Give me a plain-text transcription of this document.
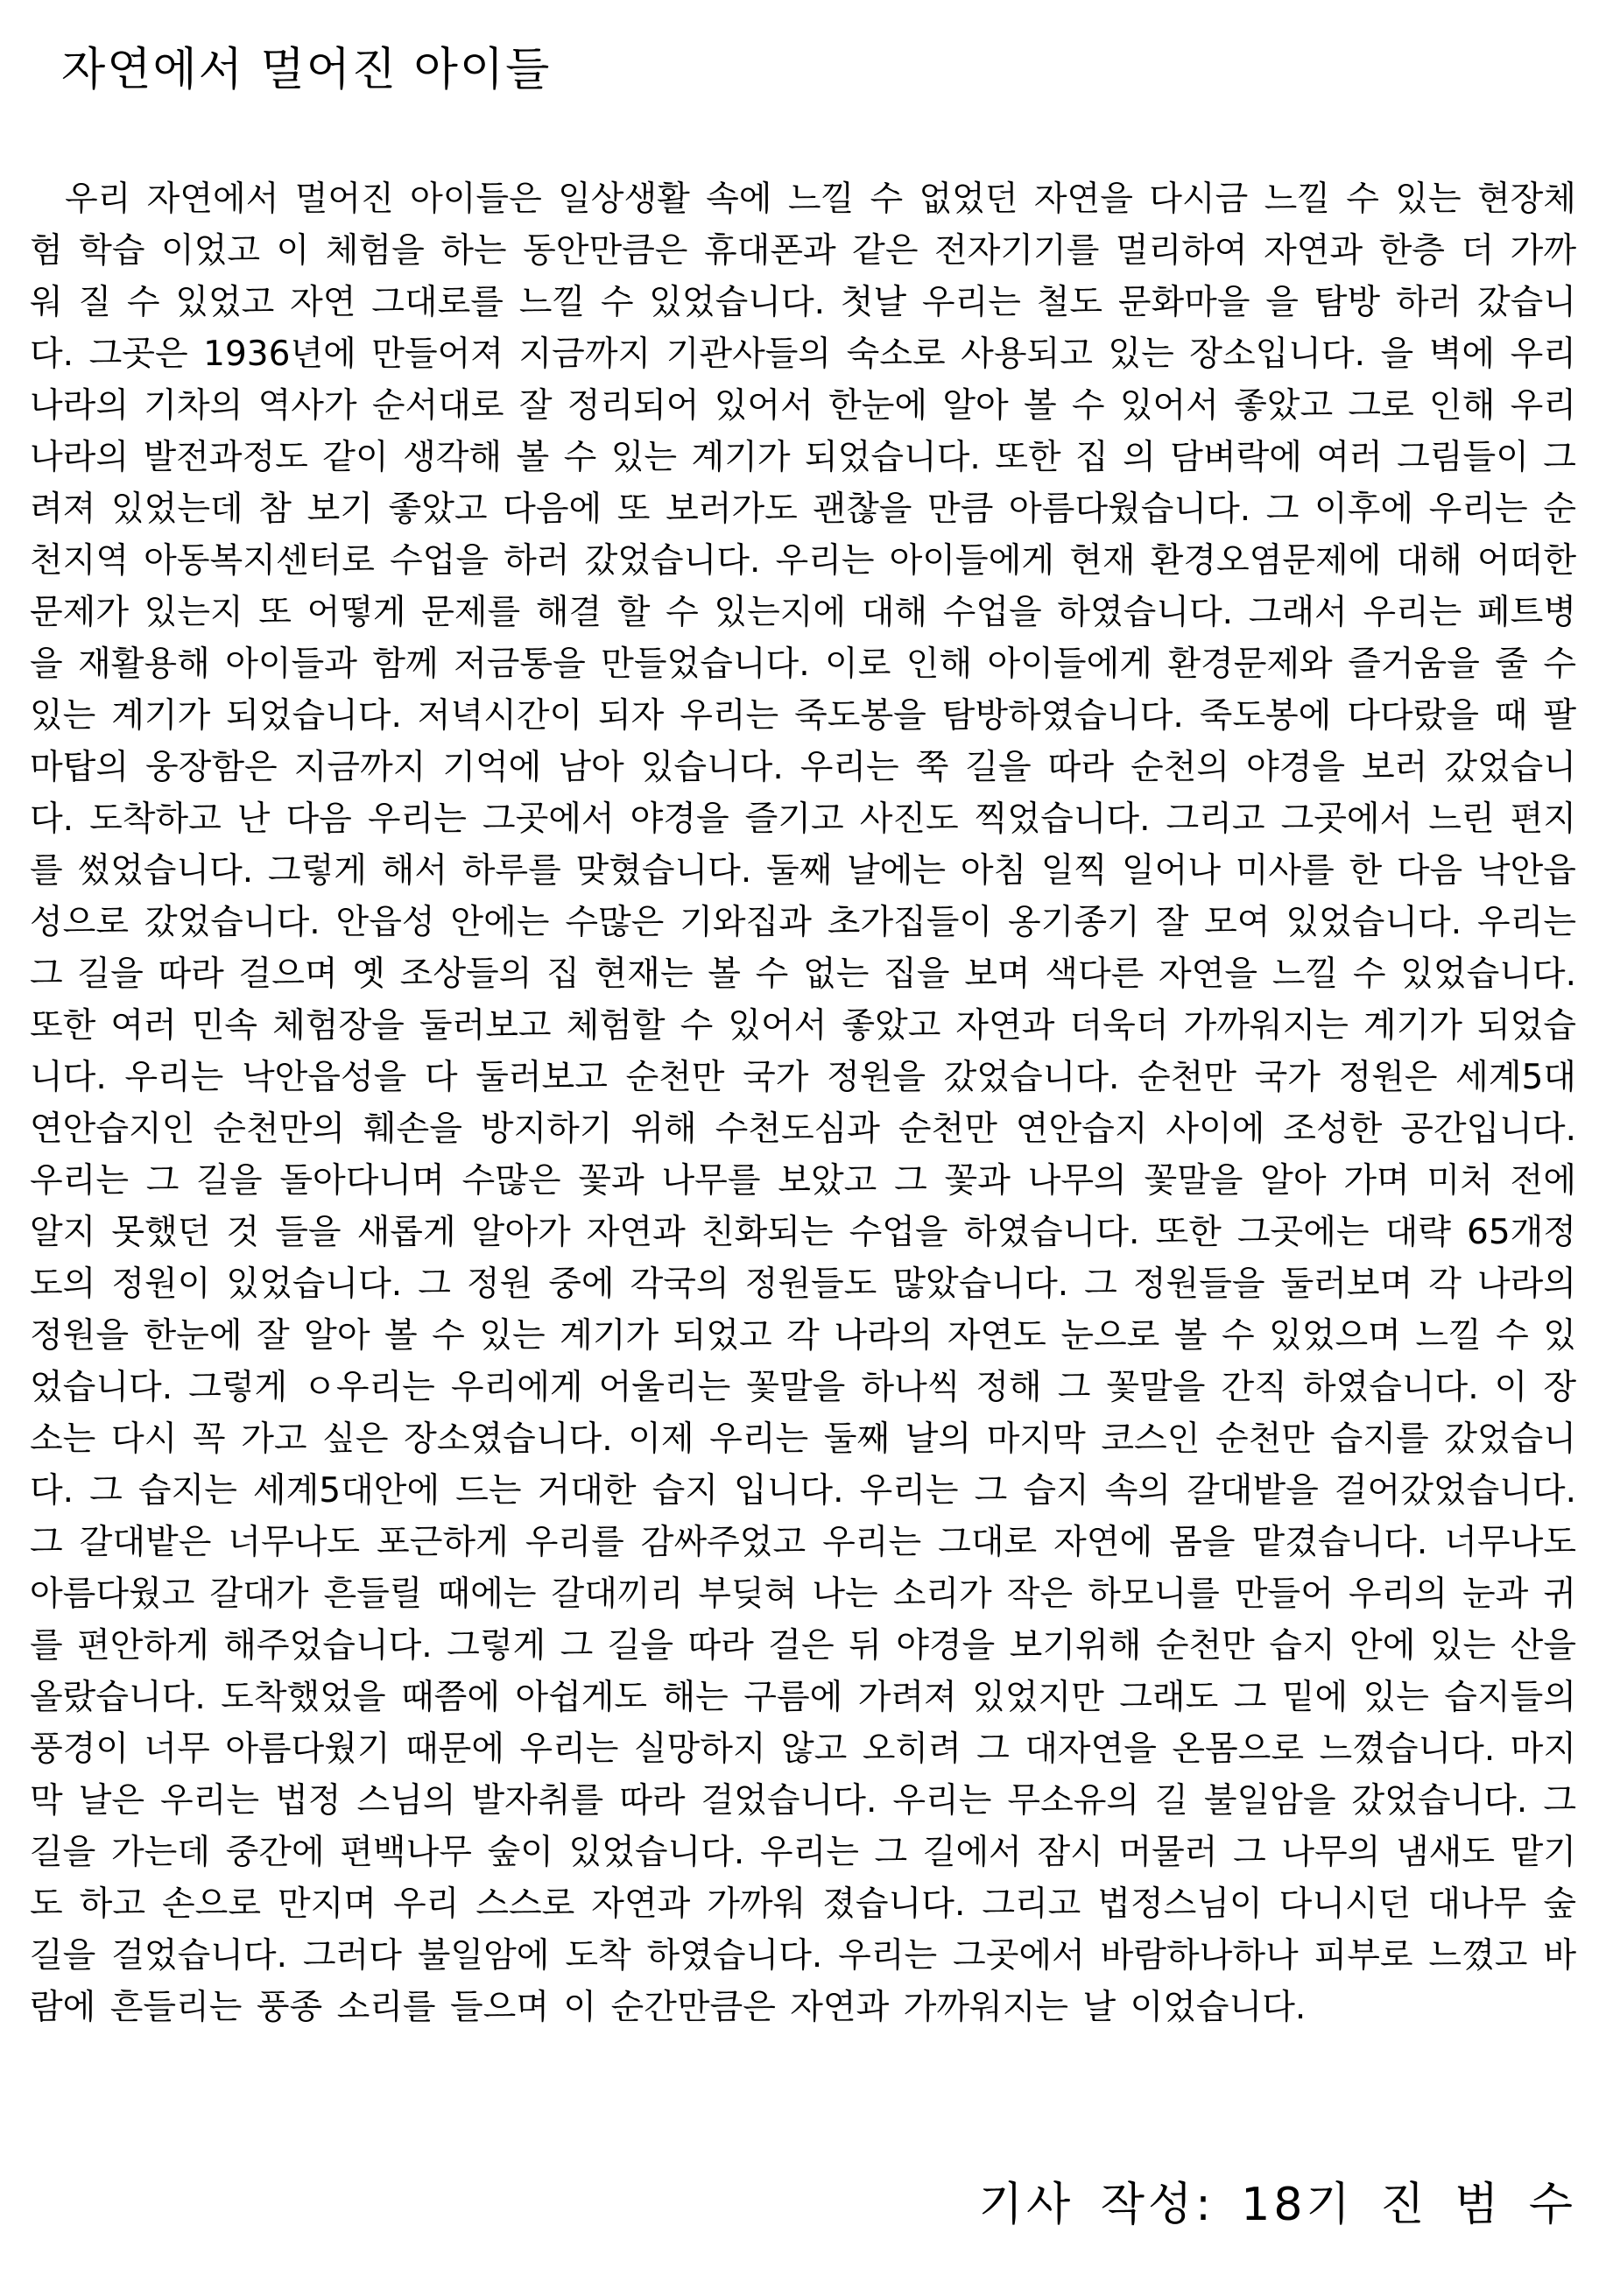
자연에서 멀어진 아이들

우리 자연에서 멀어진 아이들은 일상생활 속에 느낄 수 없었던 자연을 다시금 느낄 수 있는 현장체험 학습 이었고 이 체험을 하는 동안만큼은 휴대폰과 같은 전자기기를 멀리하여 자연과 한층 더 가까워 질 수 있었고 자연 그대로를 느낄 수 있었습니다. 첫날 우리는 철도 문화마을 을 탐방 하러 갔습니다. 그곳은 1936년에 만들어져 지금까지 기관사들의 숙소로 사용되고 있는 장소입니다. 을 벽에 우리나라의 기차의 역사가 순서대로 잘 정리되어 있어서 한눈에 알아 볼 수 있어서 좋았고 그로 인해 우리나라의 발전과정도 같이 생각해 볼 수 있는 계기가 되었습니다. 또한 집 의 담벼락에 여러 그림들이 그려져 있었는데 참 보기 좋았고 다음에 또 보러가도 괜찮을 만큼 아름다웠습니다. 그 이후에 우리는 순천지역 아동복지센터로 수업을 하러 갔었습니다. 우리는 아이들에게 현재 환경오염문제에 대해 어떠한 문제가 있는지 또 어떻게 문제를 해결 할 수 있는지에 대해 수업을 하였습니다. 그래서 우리는 페트병을 재활용해 아이들과 함께 저금통을 만들었습니다. 이로 인해 아이들에게 환경문제와 즐거움을 줄 수 있는 계기가 되었습니다. 저녁시간이 되자 우리는 죽도봉을 탐방하였습니다. 죽도봉에 다다랐을 때 팔마탑의 웅장함은 지금까지 기억에 남아 있습니다. 우리는 쭉 길을 따라 순천의 야경을 보러 갔었습니다. 도착하고 난 다음 우리는 그곳에서 야경을 즐기고 사진도 찍었습니다. 그리고 그곳에서 느린 편지를 썼었습니다. 그렇게 해서 하루를 맞혔습니다. 둘째 날에는 아침 일찍 일어나 미사를 한 다음 낙안읍성으로 갔었습니다. 안읍성 안에는 수많은 기와집과 초가집들이 옹기종기 잘 모여 있었습니다. 우리는 그 길을 따라 걸으며 옛 조상들의 집 현재는 볼 수 없는 집을 보며 색다른 자연을 느낄 수 있었습니다. 또한 여러 민속 체험장을 둘러보고 체험할 수 있어서 좋았고 자연과 더욱더 가까워지는 계기가 되었습니다. 우리는 낙안읍성을 다 둘러보고 순천만 국가 정원을 갔었습니다. 순천만 국가 정원은 세계5대 연안습지인 순천만의 훼손을 방지하기 위해 수천도심과 순천만 연안습지 사이에 조성한 공간입니다. 우리는 그 길을 돌아다니며 수많은 꽃과 나무를 보았고 그 꽃과 나무의 꽃말을 알아 가며 미처 전에 알지 못했던 것 들을 새롭게 알아가 자연과 친화되는 수업을 하였습니다. 또한 그곳에는 대략 65개정도의 정원이 있었습니다. 그 정원 중에 각국의 정원들도 많았습니다. 그 정원들을 둘러보며 각 나라의 정원을 한눈에 잘 알아 볼 수 있는 계기가 되었고 각 나라의 자연도 눈으로 볼 수 있었으며 느낄 수 있었습니다. 그렇게 ㅇ우리는 우리에게 어울리는 꽃말을 하나씩 정해 그 꽃말을 간직 하였습니다. 이 장소는 다시 꼭 가고 싶은 장소였습니다. 이제 우리는 둘째 날의 마지막 코스인 순천만 습지를 갔었습니다. 그 습지는 세계5대안에 드는 거대한 습지 입니다. 우리는 그 습지 속의 갈대밭을 걸어갔었습니다. 그 갈대밭은 너무나도 포근하게 우리를 감싸주었고 우리는 그대로 자연에 몸을 맡겼습니다. 너무나도 아름다웠고 갈대가 흔들릴 때에는 갈대끼리 부딪혀 나는 소리가 작은 하모니를 만들어 우리의 눈과 귀를 편안하게 해주었습니다. 그렇게 그 길을 따라 걸은 뒤 야경을 보기위해 순천만 습지 안에 있는 산을 올랐습니다. 도착했었을 때쯤에 아쉽게도 해는 구름에 가려져 있었지만 그래도 그 밑에 있는 습지들의 풍경이 너무 아름다웠기 때문에 우리는 실망하지 않고 오히려 그 대자연을 온몸으로 느꼈습니다. 마지막 날은 우리는 법정 스님의 발자취를 따라 걸었습니다. 우리는 무소유의 길 불일암을 갔었습니다. 그 길을 가는데 중간에 편백나무 숲이 있었습니다. 우리는 그 길에서 잠시 머물러 그 나무의 냄새도 맡기도 하고 손으로 만지며 우리 스스로 자연과 가까워 졌습니다. 그리고 법정스님이 다니시던 대나무 숲길을 걸었습니다. 그러다 불일암에 도착 하였습니다. 우리는 그곳에서 바람하나하나 피부로 느꼈고 바람에 흔들리는 풍종 소리를 들으며 이 순간만큼은 자연과 가까워지는 날 이었습니다.

기사 작성: 18기 진 범 수
